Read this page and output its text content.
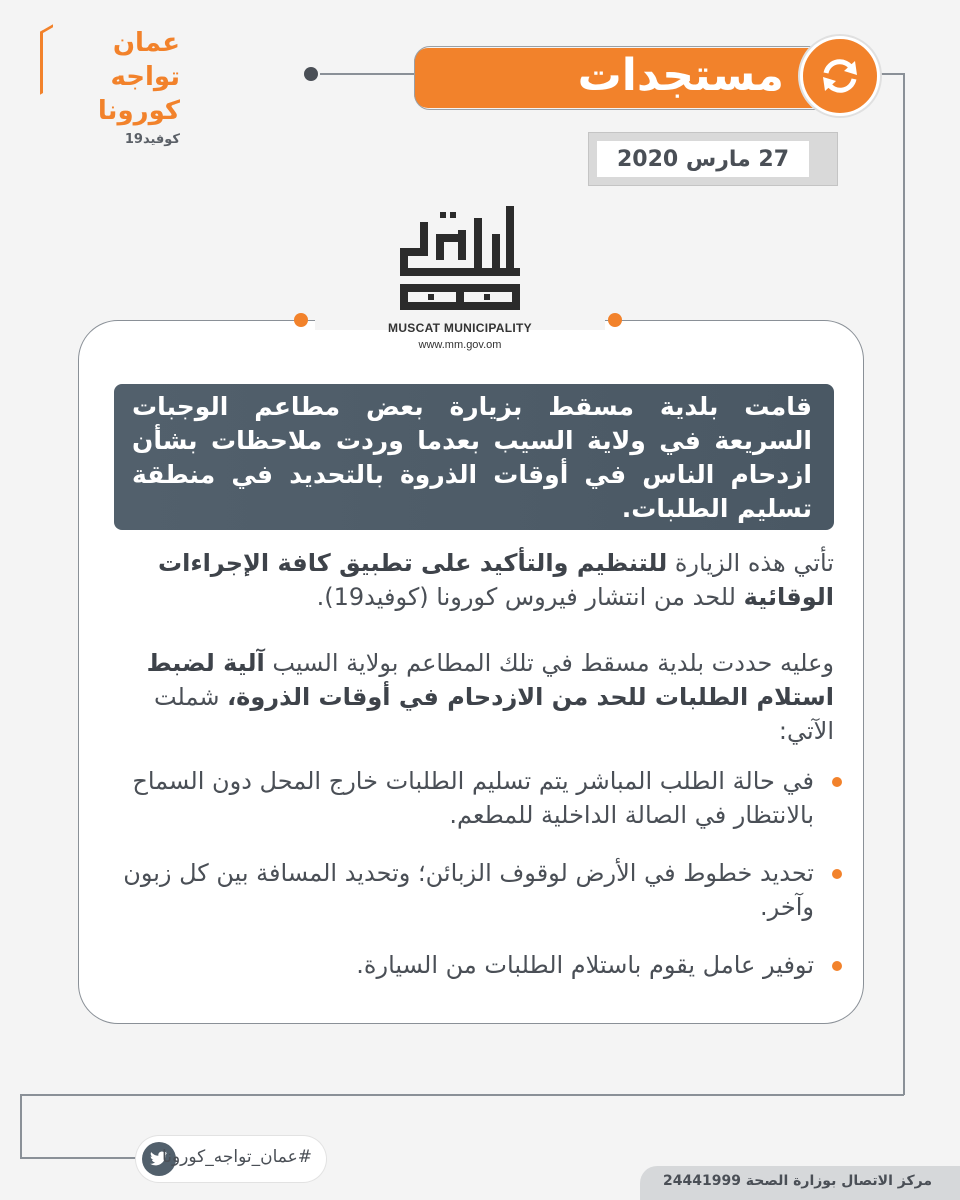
عمان
تواجه
كورونا
كوفيد19
مستجدات
27 مارس 2020
MUSCAT MUNICIPALITY
www.mm.gov.om
قامت بلدية مسقط بزيارة بعض مطاعم الوجبات السريعة في ولاية السيب بعدما وردت ملاحظات بشأن ازدحام الناس في أوقات الذروة بالتحديد في منطقة تسليم الطلبات.
تأتي هذه الزيارة للتنظيم والتأكيد على تطبيق كافة الإجراءات الوقائية للحد من انتشار فيروس كورونا (كوفيد19).
وعليه حددت بلدية مسقط في تلك المطاعم بولاية السيب آلية لضبط استلام الطلبات للحد من الازدحام في أوقات الذروة، شملت الآتي:
في حالة الطلب المباشر يتم تسليم الطلبات خارج المحل دون السماح بالانتظار في الصالة الداخلية للمطعم.
تحديد خطوط في الأرض لوقوف الزبائن؛ وتحديد المسافة بين كل زبون وآخر.
توفير عامل يقوم باستلام الطلبات من السيارة.
#عمان_تواجه_كورونا
مركز الاتصال بوزارة الصحة 24441999
